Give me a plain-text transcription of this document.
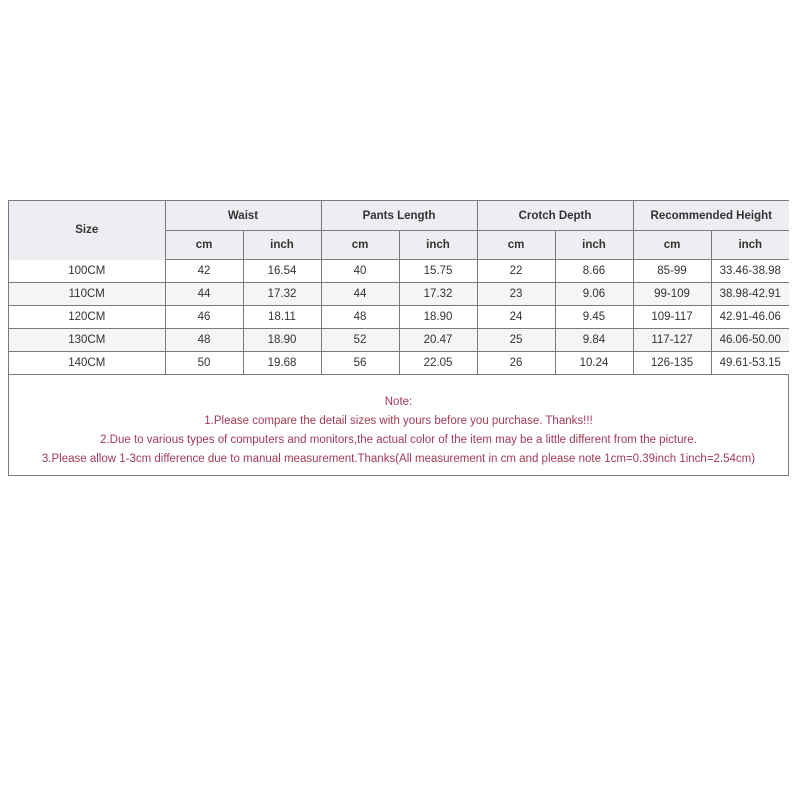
Size	Waist		Pants Length		Crotch Depth		Recommended Height	
	cm	inch	cm	inch	cm	inch	cm	inch
100CM	42	16.54	40	15.75	22	8.66	85-99	33.46-38.98
110CM	44	17.32	44	17.32	23	9.06	99-109	38.98-42.91
120CM	46	18.11	48	18.90	24	9.45	109-117	42.91-46.06
130CM	48	18.90	52	20.47	25	9.84	117-127	46.06-50.00
140CM	50	19.68	56	22.05	26	10.24	126-135	49.61-53.15
Note:
1.Please compare the detail sizes with yours before you purchase. Thanks!!!
2.Due to various types of computers and monitors,the actual color of the item may be a little different from the picture.
3.Please allow 1-3cm difference due to manual measurement.Thanks(All measurement in cm and please note 1cm=0.39inch 1inch=2.54cm)
